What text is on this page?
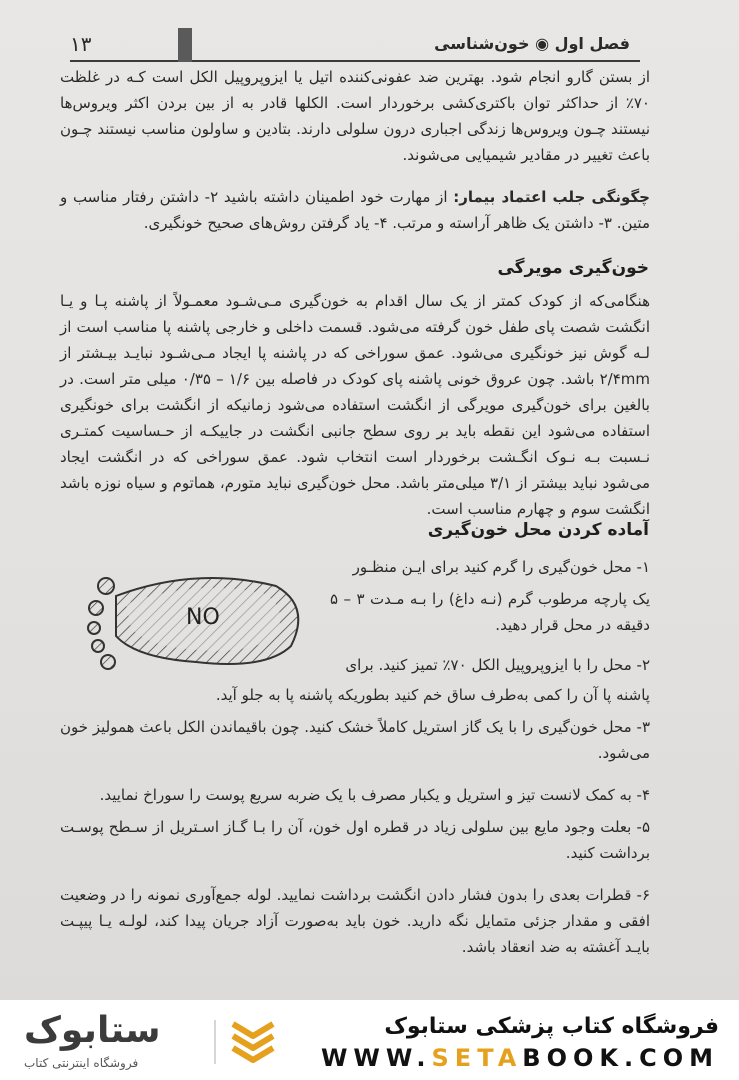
۱۳	فصل اول ◉ خون‌شناسی

از بستن گارو انجام شود. بهترین ضد عفونی‌کننده اتیل یا ایزوپروپیل الکل است کـه در غلظت ۷۰٪ از حداکثر توان باکتری‌کشی برخوردار است. الکلها قادر به از بین بردن اکثر ویروس‌ها نیستند چـون ویروس‌ها زندگی اجباری درون سلولی دارند. بتادین و ساولون مناسب نیستند چـون باعث تغییر در مقادیر شیمیایی می‌شوند.

چگونگی جلب اعتماد بیمار: از مهارت خود اطمینان داشته باشید ۲- داشتن رفتار مناسب و متین. ۳- داشتن یک ظاهر آراسته و مرتب. ۴- یاد گرفتن روش‌های صحیح خونگیری.

خون‌گیری مویرگی

هنگامی‌که از کودک کمتر از یک سال اقدام به خون‌گیری مـی‌شـود معمـولاً از پاشنه پـا و یـا انگشت شصت پای طفل خون گرفته می‌شود. قسمت داخلی و خارجی پاشنه پا مناسب است از لـه گوش نیز خونگیری می‌شود. عمق سوراخی که در پاشنه پا ایجاد مـی‌شـود نبایـد بیـشتر از ۲/۴mm باشد. چون عروق خونی پاشنه پای کودک در فاصله بین ۱/۶ – ۰/۳۵ میلی متر است. در بالغین برای خون‌گیری مویرگی از انگشت استفاده می‌شود زمانیکه از انگشت برای خونگیری استفاده می‌شود این نقطه باید بر روی سطح جانبی انگشت در جاییکـه از حـساسیت کمتـری نـسبت بـه نـوک انگـشت برخوردار است انتخاب شود. عمق سوراخی که در انگشت ایجاد می‌شود نباید بیشتر از ۳/۱ میلی‌متر باشد. محل خون‌گیری نباید متورم، هماتوم و سیاه نوزه باشد انگشت سوم و چهارم مناسب است.

آماده کردن محل خون‌گیری
NO

۱- محل خون‌گیری را گرم کنید برای ایـن منظـور

یک پارچه مرطوب گرم (نـه داغ) را بـه مـدت ۳ – ۵ دقیقه در محل قرار دهید.

۲- محل را با ایزوپروپیل الکل ۷۰٪ تمیز کنید. برای

پاشنه پا آن را کمی به‌طرف ساق خم کنید بطوریکه پاشنه پا به جلو آید.

۳- محل خون‌گیری را با یک گاز استریل کاملاً خشک کنید. چون باقیماندن الکل باعث همولیز خون می‌شود.

۴- به کمک لانست تیز و استریل و یکبار مصرف با یک ضربه سریع پوست را سوراخ نمایید.

۵- بعلت وجود مایع بین سلولی زیاد در قطره اول خون، آن را بـا گـاز اسـتریل از سـطح پوسـت برداشت کنید.

۶- قطرات بعدی را بدون فشار دادن انگشت برداشت نمایید. لوله جمع‌آوری نمونه را در وضعیت افقی و مقدار جزئی متمایل نگه دارید. خون باید به‌صورت آزاد جریان پیدا کند، لولـه یـا پیپـت بایـد آغشته به ضد انعقاد باشد.

ستابوک
فروشگاه اینترنتی کتاب
فروشگاه کتاب پزشکی ستابوک
WWW.SETABOOK.COM
